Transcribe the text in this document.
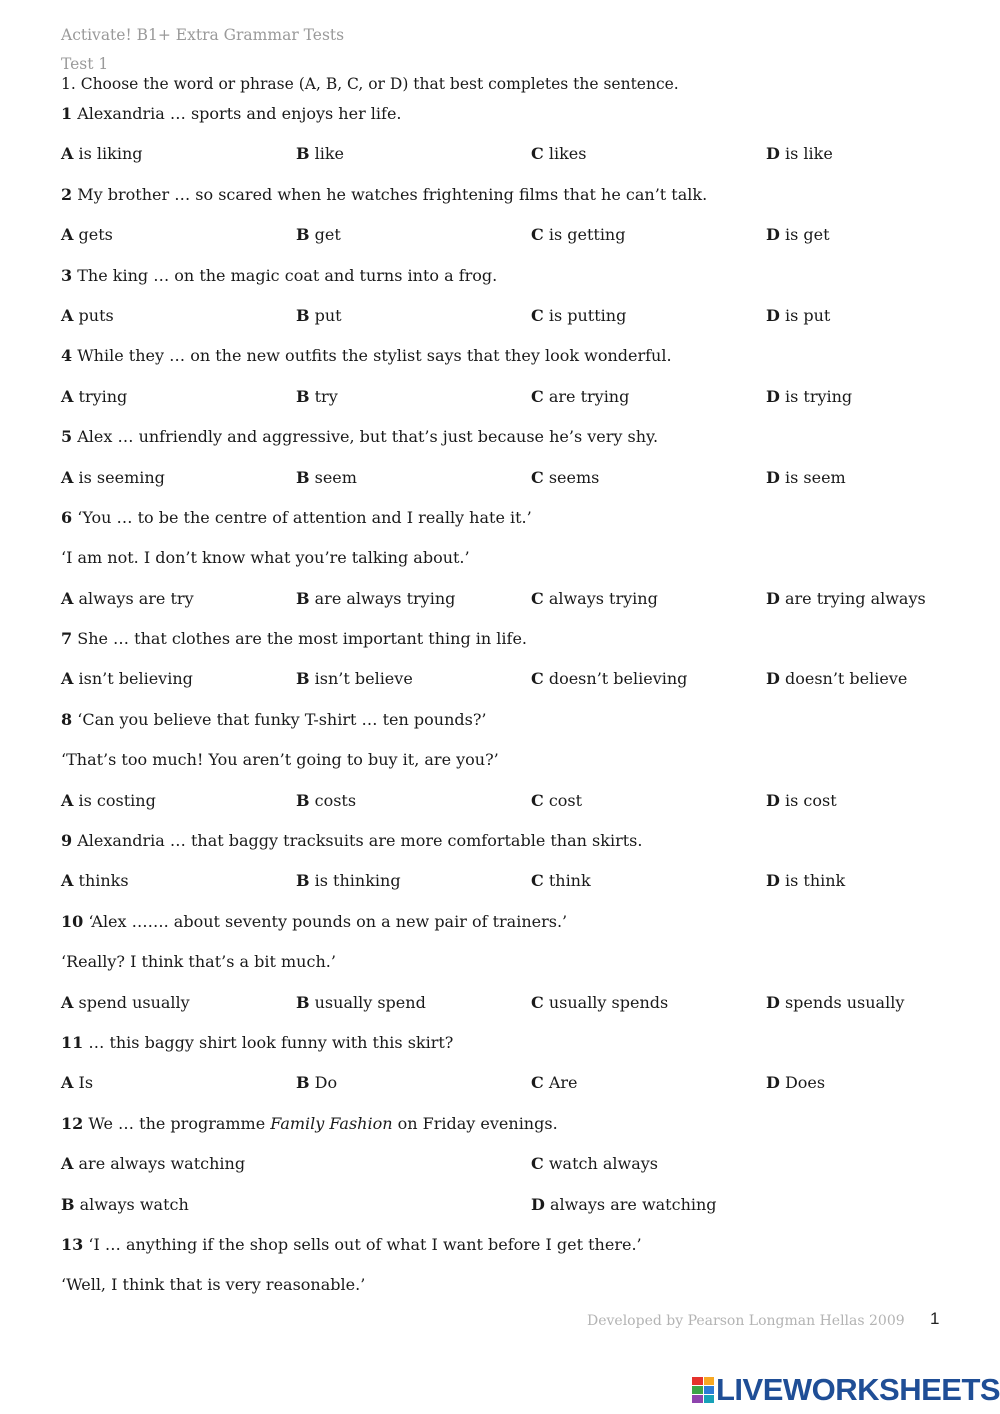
Activate! B1+ Extra Grammar Tests
Test 1
1. Choose the word or phrase (A, B, C, or D) that best completes the sentence.
1 Alexandria … sports and enjoys her life.
A is liking	B like	C likes	D is like
2 My brother … so scared when he watches frightening films that he can’t talk.
A gets	B get	C is getting	D is get
3 The king … on the magic coat and turns into a frog.
A puts	B put	C is putting	D is put
4 While they … on the new outfits the stylist says that they look wonderful.
A trying	B try	C are trying	D is trying
5 Alex … unfriendly and aggressive, but that’s just because he’s very shy.
A is seeming	B seem	C seems	D is seem
6 ‘You … to be the centre of attention and I really hate it.’
‘I am not. I don’t know what you’re talking about.’
A always are try	B are always trying	C always trying	D are trying always
7 She … that clothes are the most important thing in life.
A isn’t believing	B isn’t believe	C doesn’t believing	D doesn’t believe
8 ‘Can you believe that funky T-shirt … ten pounds?’
‘That’s too much! You aren’t going to buy it, are you?’
A is costing	B costs	C cost	D is cost
9 Alexandria … that baggy tracksuits are more comfortable than skirts.
A thinks	B is thinking	C think	D is think
10 ‘Alex ……. about seventy pounds on a new pair of trainers.’
‘Really? I think that’s a bit much.’
A spend usually	B usually spend	C usually spends	D spends usually
11 … this baggy shirt look funny with this skirt?
A Is	B Do	C Are	D Does
12 We … the programme Family Fashion on Friday evenings.
A are always watching	C watch always
B always watch	D always are watching
13 ‘I … anything if the shop sells out of what I want before I get there.’
‘Well, I think that is very reasonable.’
Developed by Pearson Longman Hellas 2009 1
LIVEWORKSHEETS
